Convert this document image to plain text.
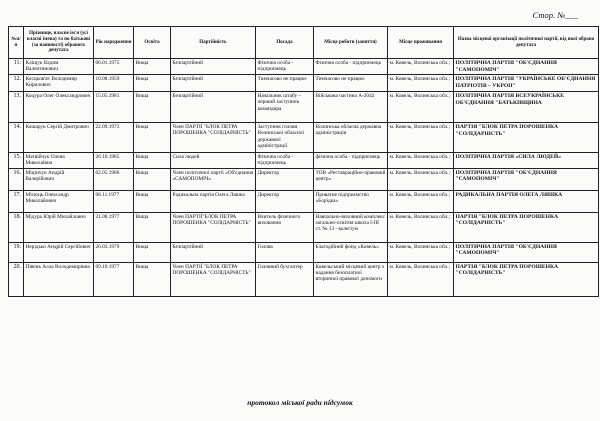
Стор. №___
№п/п	Прізвище, власне ім'я (усі власні імена) та по батькові (за наявності) обраного депутата	Рік народження	Освіта	Партійність	Посада	Місце роботи (заняття)	Місце проживання	Назва місцевої організації політичної партії, від якої обрано депутата
11.	Кліщук Вадим Валентинович	06.01.1975	Вища	Безпартійний	Фізична особа - підприємець	Фізична особа - підприємець	м. Ковель, Волинська обл.;	ПОЛІТИЧНА ПАРТІЯ "ОБ'ЄДНАННЯ "САМОПОМІЧ"
12.	Косцьов'ят Володимир Кирилович	10.08.1959	Вища	Безпартійний	Тимчасово не працює	Тимчасово не працює	м. Ковель, Волинська обл.;	ПОЛІТИЧНА ПАРТІЯ "УКРАЇНСЬКЕ ОБ'ЄДНАННЯ ПАТРІОТІВ – УКРОП"
13.	Коцура Олег Олександрович	15.05.1981	Вища	Безпартійний	Начальник штабу – перший заступник командира	Військова частина А-2042	м. Ковель, Волинська обл.;	ПОЛІТИЧНА ПАРТІЯ ВСЕУКРАЇНСЬКЕ ОБ'ЄДНАННЯ "БАТЬКІВЩИНА
14.	Кошарук Сергій Дмитрович	22.09.1973	Вища	Член ПАРТІЇ "БЛОК ПЕТРА ПОРОШЕНКА "СОЛІДАРНІСТЬ"	Заступник голови Волинської обласної державної адміністрації	Волинська обласна державна адміністрація	м. Ковель, Волинська обл.;	ПАРТІЯ "БЛОК ПЕТРА ПОРОШЕНКА "СОЛІДАРНІСТЬ"
15.	Матвійчук Олена Миколаївна	26.10.1985	Вища	Сила людей	Фізична особа - підприємець	фізична особа - підприємець	м. Ковель, Волинська обл.;	ПОЛІТИЧНА ПАРТІЯ «СИЛА ЛЮДЕЙ»
16.	Міцінчук Андрій Валерійович	02.05.1986	Вища	Член політичної партії «Об'єднання «САМОПОМІЧ»	Директор	ТОВ «Реставраційно-правовий центр»	м. Ковель, Волинська обл.;	ПОЛІТИЧНА ПАРТІЯ "ОБ'ЄДНАННЯ "САМОПОМІЧ"
17.	Місюць Олександр Миколайович	08.11.1977	Вища	Радикальна партія Олега Ляшка	Директор	Приватне підприємство «Борідка»	м. Ковель, Волинська обл.;	РАДИКАЛЬНА ПАРТІЯ ОЛЕГА ЛЯШКА
18.	Мідура Юрій Михайлович	21.08.1977	Вища	Член ПАРТІЇ"БЛОК ПЕТРА ПОРОШЕНКА "СОЛІДАРНІСТЬ"	Вчитель фізичного виховання	Навчально-виховний комплекс загально-освітня школа І-ІІІ ст. № 13 - колегіум	м. Ковель, Волинська обл.;	ПАРТІЯ "БЛОК ПЕТРА ПОРОШЕНКА "СОЛІДАРНІСТЬ"
19.	Нерідько Андрій Сергійович	26.03.1979	Вища	Безпартійний	Голова	Благодійний фонд «Ковель»	м. Ковель, Волинська обл.;	ПОЛІТИЧНА ПАРТІЯ "ОБ'ЄДНАННЯ "САМОПОМІЧ"
20.	Півень Алла Володимирівна	09.10.1977	Вища	Член ПАРТІЇ "БЛОК ПЕТРА ПОРОШЕНКА "СОЛІДАРНІСТЬ"	Головний бухгалтер	Ковельський місцевий центр з надання безоплатної вторинної правової допомоги	м. Ковель, Волинська обл.;	ПАРТІЯ "БЛОК ПЕТРА ПОРОШЕНКА "СОЛІДАРНІСТЬ"
протокол міської ради підсумок
